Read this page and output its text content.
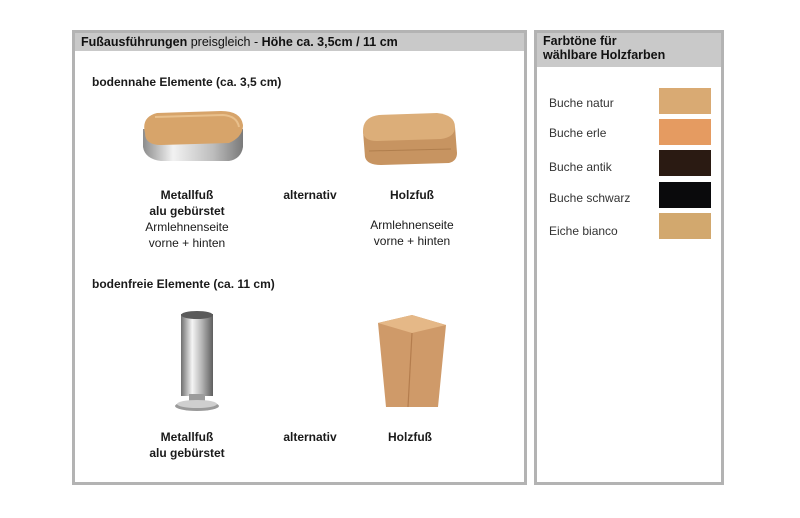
Fußausführungen preisgleich - Höhe ca. 3,5cm / 11 cm
bodennahe Elemente (ca. 3,5 cm)
Metallfuß
alu gebürstet
Armlehnenseite
vorne + hinten
alternativ	Holzfuß
Armlehnenseite
vorne + hinten
bodenfreie Elemente (ca. 11 cm)
Metallfuß
alu gebürstet
alternativ	Holzfuß
Farbtöne für
wählbare Holzfarben
Buche natur
Buche erle
Buche antik
Buche schwarz
Eiche bianco
